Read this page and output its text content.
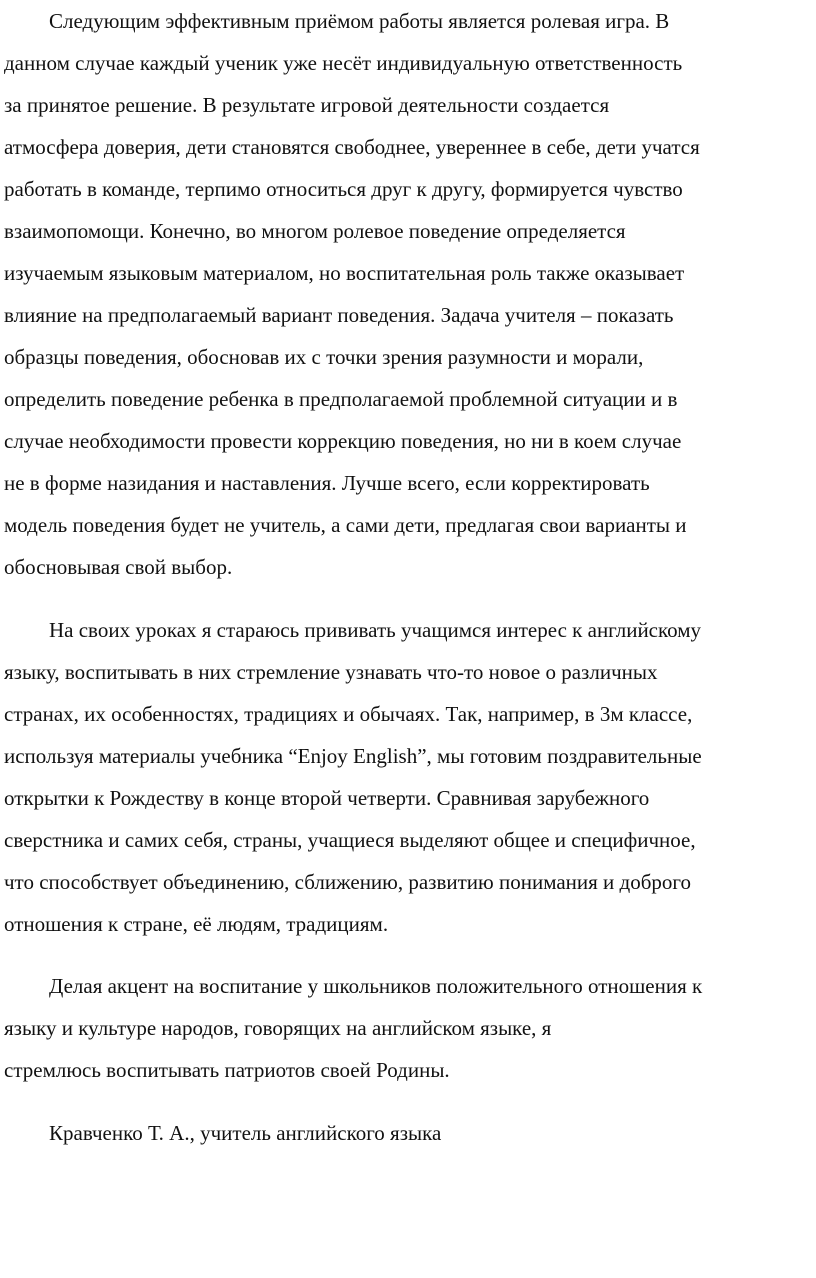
Следующим эффективным приёмом работы является ролевая игра. В
данном случае каждый ученик уже несёт индивидуальную ответственность
за принятое решение. В результате игровой деятельности создается
атмосфера доверия, дети становятся свободнее, увереннее в себе, дети учатся
работать в команде, терпимо относиться друг к другу, формируется чувство
взаимопомощи. Конечно, во многом ролевое поведение определяется
изучаемым языковым материалом, но воспитательная роль также оказывает
влияние на предполагаемый вариант поведения. Задача учителя – показать
образцы поведения, обосновав их с точки зрения разумности и морали,
определить поведение ребенка в предполагаемой проблемной ситуации и в
случае необходимости провести коррекцию поведения, но ни в коем случае
не в форме назидания и наставления. Лучше всего, если корректировать
модель поведения будет не учитель, а сами дети, предлагая свои варианты и
обосновывая свой выбор.
На своих уроках я стараюсь прививать учащимся интерес к английскому
языку, воспитывать в них стремление узнавать что-то новое о различных
странах, их особенностях, традициях и обычаях. Так, например, в 3м классе,
используя материалы учебника “Enjoy English”, мы готовим поздравительные
открытки к Рождеству в конце второй четверти. Сравнивая зарубежного
сверстника и самих себя, страны, учащиеся выделяют общее и специфичное,
что способствует объединению, сближению, развитию понимания и доброго
отношения к стране, её людям, традициям.
Делая акцент на воспитание у школьников положительного отношения к
языку и культуре народов, говорящих на английском языке, я
стремлюсь воспитывать патриотов своей Родины.
Кравченко Т. А., учитель английского языка
